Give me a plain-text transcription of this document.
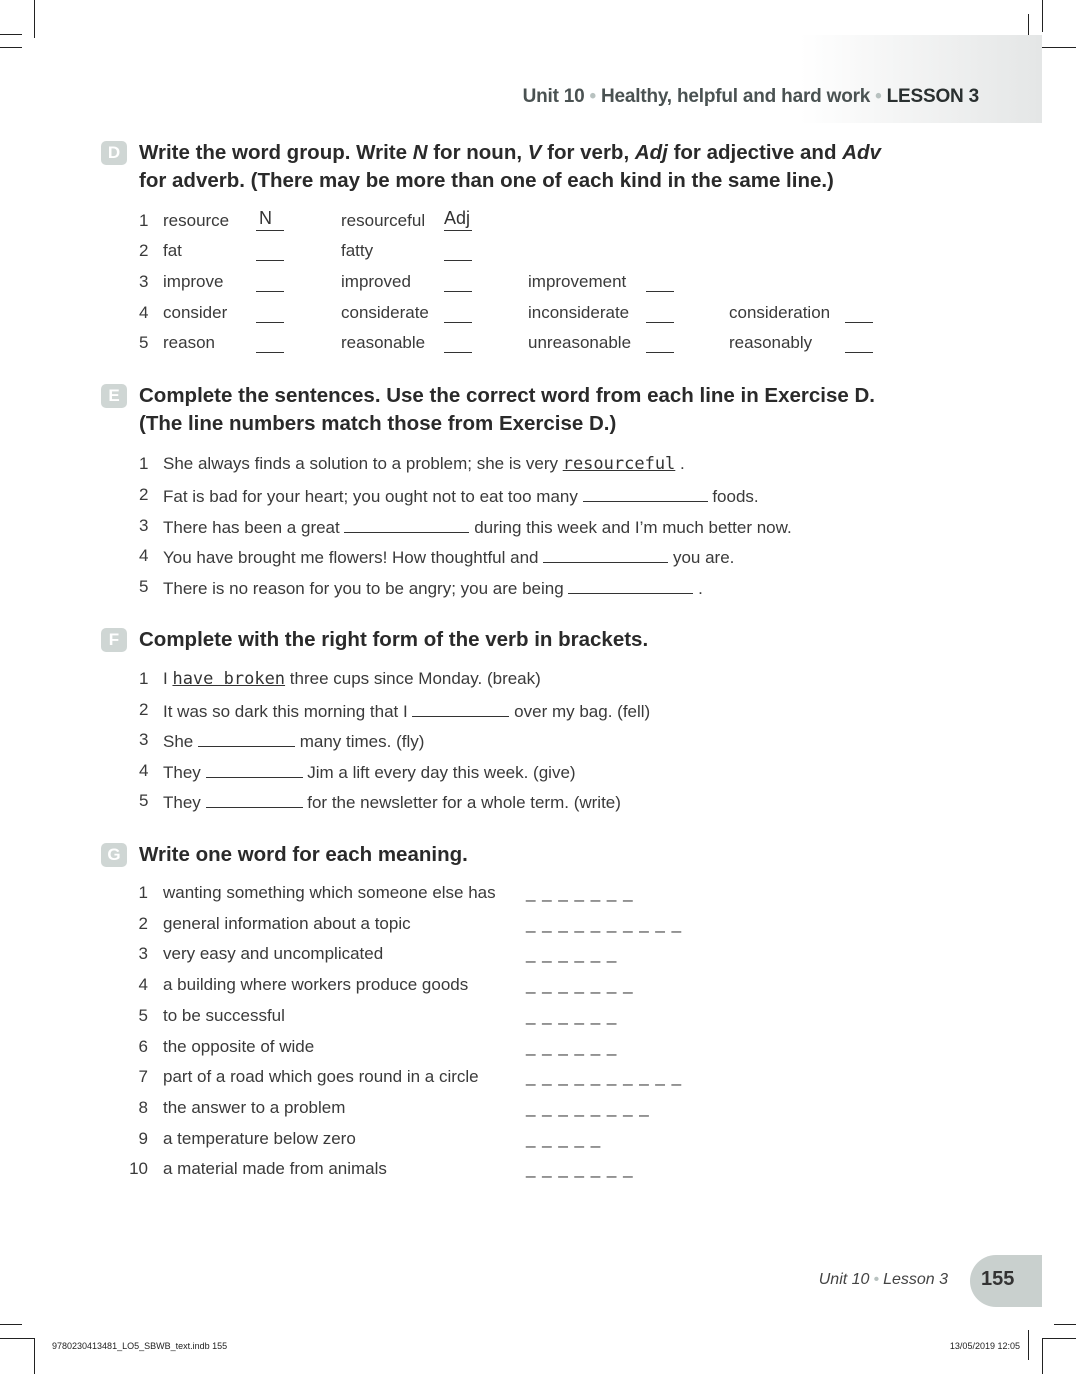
Unit 10 • Healthy, helpful and hard work • LESSON 3
D Write the word group. Write N for noun, V for verb, Adj for adjective and Adv
for adverb. (There may be more than one of each kind in the same line.)
1 resource N	resourceful Adj
2 fat	fatty
3 improve	improved	improvement
4 consider	considerate	inconsiderate	consideration
5 reason	reasonable	unreasonable	reasonably
E Complete the sentences. Use the correct word from each line in Exercise D.
(The line numbers match those from Exercise D.)
1 She always finds a solution to a problem; she is very resourceful .
2 Fat is bad for your heart; you ought not to eat too many	foods.
3 There has been a great	during this week and I’m much better now.
4 You have brought me flowers! How thoughtful and	you are.
5 There is no reason for you to be angry; you are being	.
F Complete with the right form of the verb in brackets.
1 I have broken three cups since Monday. (break)
2 It was so dark this morning that I	over my bag. (fell)
3 She	many times. (fly)
4 They	Jim a lift every day this week. (give)
5 They	for the newsletter for a whole term. (write)
G Write one word for each meaning.
1 wanting something which someone else has _ _ _ _ _ _ _
2 general information about a topic	_ _ _ _ _ _ _ _ _ _
3 very easy and uncomplicated	_ _ _ _ _ _
4 a building where workers produce goods	_ _ _ _ _ _ _
5 to be successful	_ _ _ _ _ _
6 the opposite of wide	_ _ _ _ _ _
7 part of a road which goes round in a circle	_ _ _ _ _ _ _ _ _ _
8 the answer to a problem	_ _ _ _ _ _ _ _
9 a temperature below zero	_ _ _ _ _
10 a material made from animals	_ _ _ _ _ _ _
Unit 10 • Lesson 3	155
9780230413481_LO5_SBWB_text.indb 155	13/05/2019 12:05
